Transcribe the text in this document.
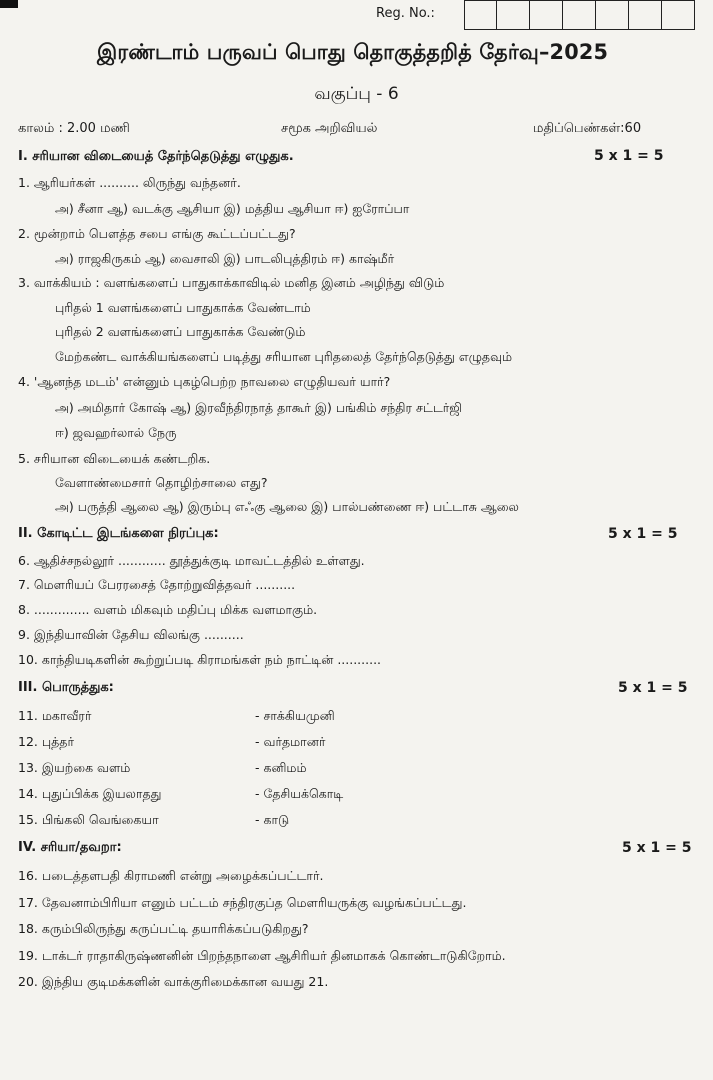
Reg. No.:
இரண்டாம் பருவப் பொது தொகுத்தறித் தேர்வு–2025
வகுப்பு - 6
காலம் : 2.00 மணி	சமூக அறிவியல்	மதிப்பெண்கள்:60
I. சரியான விடையைத் தேர்ந்தெடுத்து எழுதுக.	5 x 1 = 5
1. ஆரியர்கள் .......... லிருந்து வந்தனர்.
அ) சீனா ஆ) வடக்கு ஆசியா இ) மத்திய ஆசியா ஈ) ஐரோப்பா
2. மூன்றாம் பௌத்த சபை எங்கு கூட்டப்பட்டது?
அ) ராஜகிருகம் ஆ) வைசாலி இ) பாடலிபுத்திரம் ஈ) காஷ்மீர்
3. வாக்கியம் : வளங்களைப் பாதுகாக்காவிடில் மனித இனம் அழிந்து விடும்
புரிதல் 1 வளங்களைப் பாதுகாக்க வேண்டாம்
புரிதல் 2 வளங்களைப் பாதுகாக்க வேண்டும்
மேற்கண்ட வாக்கியங்களைப் படித்து சரியான புரிதலைத் தேர்ந்தெடுத்து எழுதவும்
4. 'ஆனந்த மடம்' என்னும் புகழ்பெற்ற நாவலை எழுதியவர் யார்?
அ) அமிதார் கோஷ் ஆ) இரவீந்திரநாத் தாகூர் இ) பங்கிம் சந்திர சட்டர்ஜி
ஈ) ஜவஹர்லால் நேரு
5. சரியான விடையைக் கண்டறிக.
வேளாண்மைசார் தொழிற்சாலை எது?
அ) பருத்தி ஆலை ஆ) இரும்பு எஃகு ஆலை இ) பால்பண்ணை ஈ) பட்டாசு ஆலை
II. கோடிட்ட இடங்களை நிரப்புக:	5 x 1 = 5
6. ஆதிச்சநல்லூர் ............ தூத்துக்குடி மாவட்டத்தில் உள்ளது.
7. மௌரியப் பேரரசைத் தோற்றுவித்தவர் ..........
8. .............. வளம் மிகவும் மதிப்பு மிக்க வளமாகும்.
9. இந்தியாவின் தேசிய விலங்கு ..........
10. காந்தியடிகளின் கூற்றுப்படி கிராமங்கள் நம் நாட்டின் ...........
III. பொருத்துக:	5 x 1 = 5
11. மகாவீரர்	- சாக்கியமுனி
12. புத்தர்	- வர்தமானர்
13. இயற்கை வளம்	- கனிமம்
14. புதுப்பிக்க இயலாதது	- தேசியக்கொடி
15. பிங்கலி வெங்கையா	- காடு
IV. சரியா/தவறா:	5 x 1 = 5
16. படைத்தளபதி கிராமணி என்று அழைக்கப்பட்டார்.
17. தேவனாம்பிரியா எனும் பட்டம் சந்திரகுப்த மௌரியருக்கு வழங்கப்பட்டது.
18. கரும்பிலிருந்து கருப்பட்டி தயாரிக்கப்படுகிறது?
19. டாக்டர் ராதாகிருஷ்ணனின் பிறந்தநாளை ஆசிரியர் தினமாகக் கொண்டாடுகிறோம்.
20. இந்திய குடிமக்களின் வாக்குரிமைக்கான வயது 21.
